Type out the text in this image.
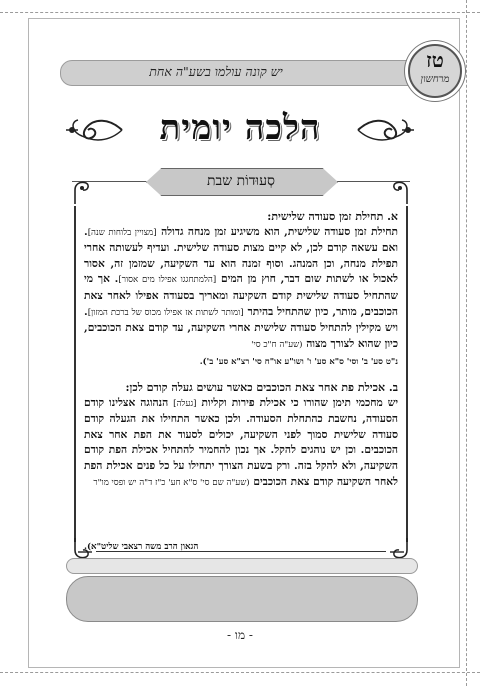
יש קונה עולמו בשע"ה אחת	טז
מרחשון
הלכה יומית
סְעוּדוֹת שבת

א. תחילת זמן סעודה שלישית:

תחילת זמן סעודה שלישית, הוא משיגיע זמן מנחה גדולה [מצויין בלוחות שנה]. ואם עשאה קודם לכן, לא קיים מצות סעודה שלישית. ועדיף לעשותה אחרי תפילת מנחה, וכן המנהג. וסוף זמנה הוא עד השקיעה, שמזמן זה, אסור לאכול או לשתות שום דבר, חוץ מן המים [הלמתחגגו אפילו מים אסור]. אך מי שהתחיל סעודה שלישית קודם השקיעה ומאריך בסעודה אפילו לאחר צאת הכוכבים, מותר, כיון שהתחיל בהיתר [ומותר לשתות אז אפילו מכוס של ברכת המזון]. ויש מקילין להתחיל סעודה שלישית אחרי השקיעה, עד קודם צאת הכוכבים, כיון שהוא לצורך מצוה (שע"ה ח"כ סי'

נ"ט סע' ב' וסי' ס"א סע' ו' ושו"ע או"ח סי' רצ"א סע' ב').

ב. אכילת פת אחר צאת הכוכבים כאשר עושים געלה קודם לכן:

יש מחכמי תימן שהורו כי אכילת פירות וקליות [געלה] הנהוגה אצלינו קודם הסעודה, נחשבת כהתחלת הסעודה. ולכן כאשר התחילו את הגעלה קודם סעודה שלישית סמוך לפני השקיעה, יכולים לסעוד את הפת אחר צאת הכוכבים. וכן יש נוהגים להקל. אך נכון להחמיר להתחיל אכילת הפת קודם השקיעה, ולא להקל בזה. ורק בשעת הצורך יתחילו על כל פנים אכילת הפת לאחר השקיעה קודם צאת הכוכבים (שע"ה שם סי' ס"א חע' כ"ז ד"ה יש ופסי מו"ר

הגאון הרב משה רצאבי שליט"א).
- מו -
